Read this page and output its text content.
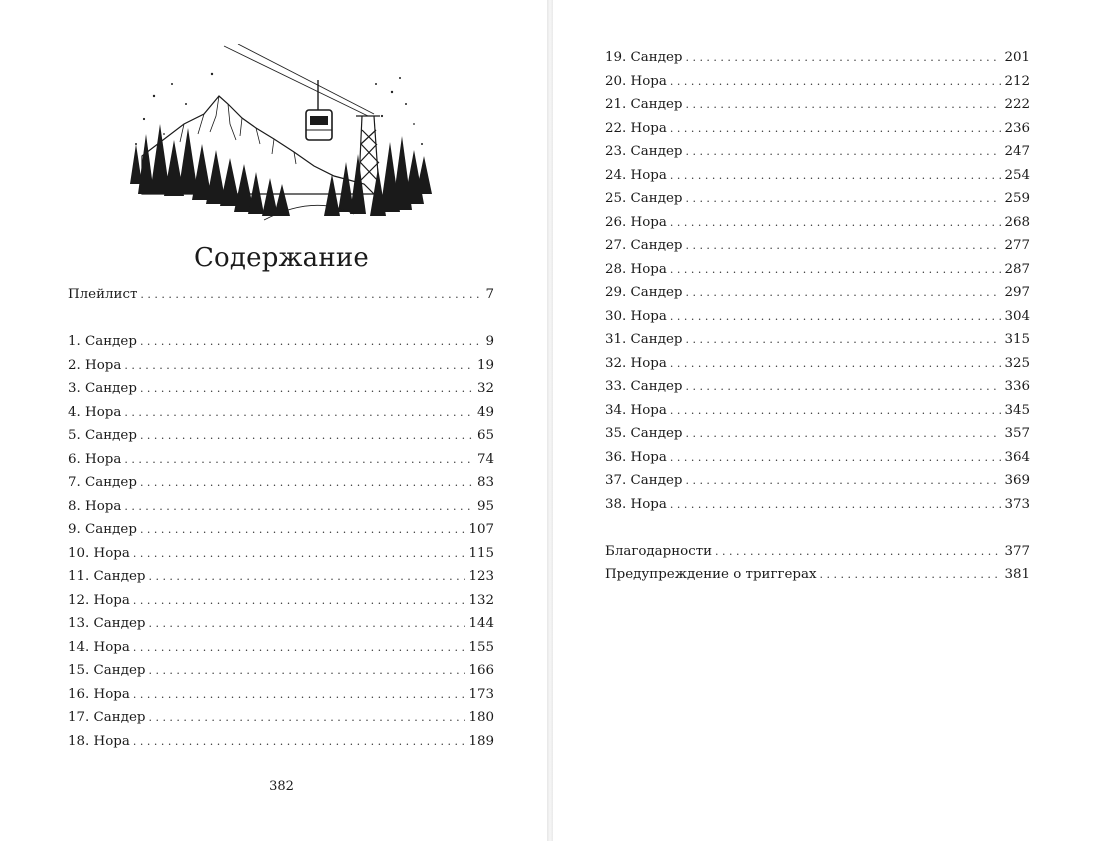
Содержание
Плейлист . . .	7
1. Сандер . . .	9
2. Нора . . .	19
3. Сандер . . .	32
4. Нора . . .	49
5. Сандер . . .	65
6. Нора . . .	74
7. Сандер . . .	83
8. Нора . . .	95
9. Сандер . . .	107
10. Нора . . .	115
11. Сандер . . .	123
12. Нора . . .	132
13. Сандер . . .	144
14. Нора . . .	155
15. Сандер . . .	166
16. Нора . . .	173
17. Сандер . . .	180
18. Нора . . .	189
382
19. Сандер . . .	201
20. Нора . . .	212
21. Сандер . . .	222
22. Нора . . .	236
23. Сандер . . .	247
24. Нора . . .	254
25. Сандер . . .	259
26. Нора . . .	268
27. Сандер . . .	277
28. Нора . . .	287
29. Сандер . . .	297
30. Нора . . .	304
31. Сандер . . .	315
32. Нора . . .	325
33. Сандер . . .	336
34. Нора . . .	345
35. Сандер . . .	357
36. Нора . . .	364
37. Сандер . . .	369
38. Нора . . .	373
Благодарности . . .	377
Предупреждение о триггерах . . .	381
